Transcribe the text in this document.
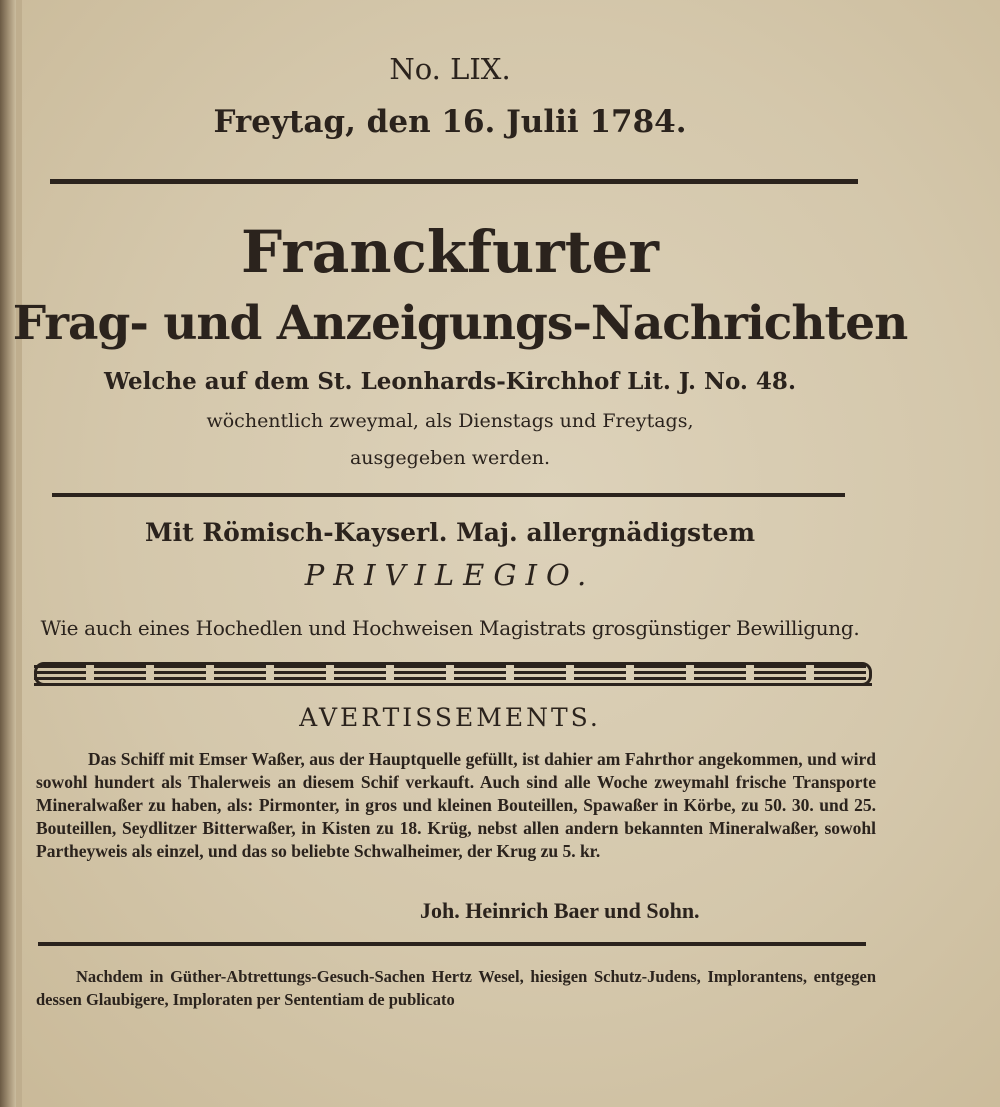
No. LIX.
Freytag, den 16. Julii 1784.
Franckfurter
Frag- und Anzeigungs-Nachrichten
Welche auf dem St. Leonhards-Kirchhof Lit. J. No. 48.
wöchentlich zweymal, als Dienstags und Freytags,
ausgegeben werden.
Mit Römisch-Kayserl. Maj. allergnädigstem
PRIVILEGIO.
Wie auch eines Hochedlen und Hochweisen Magistrats grosgünstiger Bewilligung.
AVERTISSEMENTS.

Das Schiff mit Emser Waßer, aus der Hauptquelle gefüllt, ist dahier am Fahrthor angekommen, und wird sowohl hundert als Thalerweis an diesem Schif verkauft. Auch sind alle Woche zweymahl frische Transporte Mineralwaßer zu haben, als: Pirmonter, in gros und kleinen Bouteillen, Spawaßer in Körbe, zu 50. 30. und 25. Bouteillen, Seydlitzer Bitterwaßer, in Kisten zu 18. Krüg, nebst allen andern bekannten Mineralwaßer, sowohl Partheyweis als einzel, und das so beliebte Schwalheimer, der Krug zu 5. kr.

Joh. Heinrich Baer und Sohn.

Nachdem in Güther-Abtrettungs-Gesuch-Sachen Hertz Wesel, hiesigen Schutz-Judens, Implorantens, entgegen dessen Glaubigere, Imploraten per Sententiam de publicato
